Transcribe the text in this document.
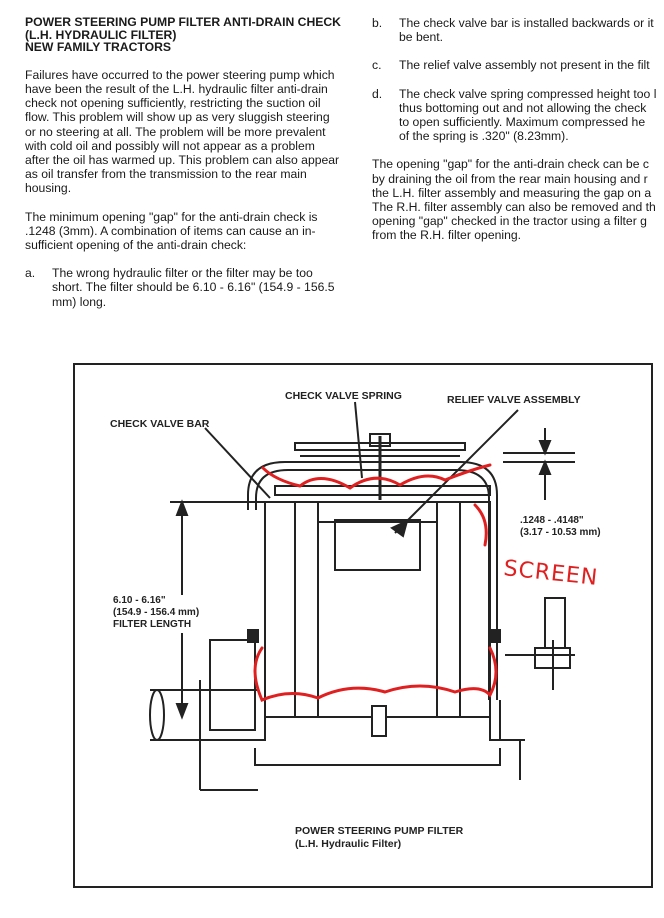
POWER STEERING PUMP FILTER ANTI-DRAIN CHECK
(L.H. HYDRAULIC FILTER)
NEW FAMILY TRACTORS

Failures have occurred to the power steering pump which
have been the result of the L.H. hydraulic filter anti-drain
check not opening sufficiently, restricting the suction oil
flow. This problem will show up as very sluggish steering
or no steering at all. The problem will be more prevalent
with cold oil and possibly will not appear as a problem
after the oil has warmed up. This problem can also appear
as oil transfer from the transmission to the rear main
housing.

The minimum opening "gap" for the anti-drain check is
.1248 (3mm). A combination of items can cause an in-
sufficient opening of the anti-drain check:

a.	The wrong hydraulic filter or the filter may be too
short. The filter should be 6.10 - 6.16" (154.9 - 156.5
mm) long.
b.	The check valve bar is installed backwards or it
be bent.
c.	The relief valve assembly not present in the filt
d.	The check valve spring compressed height too l
thus bottoming out and not allowing the check
to open sufficiently. Maximum compressed he
of the spring is .320" (8.23mm).

The opening "gap" for the anti-drain check can be c
by draining the oil from the rear main housing and r
the L.H. filter assembly and measuring the gap on a
The R.H. filter assembly can also be removed and th
opening "gap" checked in the tractor using a filter g
from the R.H. filter opening.

CHECK VALVE SPRING	RELIEF VALVE ASSEMBLY
CHECK VALVE BAR
.1248 - .4148"
(3.17 - 10.53 mm)
6.10 - 6.16"
(154.9 - 156.4 mm)
FILTER LENGTH
SCREEN
POWER STEERING PUMP FILTER
(L.H. Hydraulic Filter)
